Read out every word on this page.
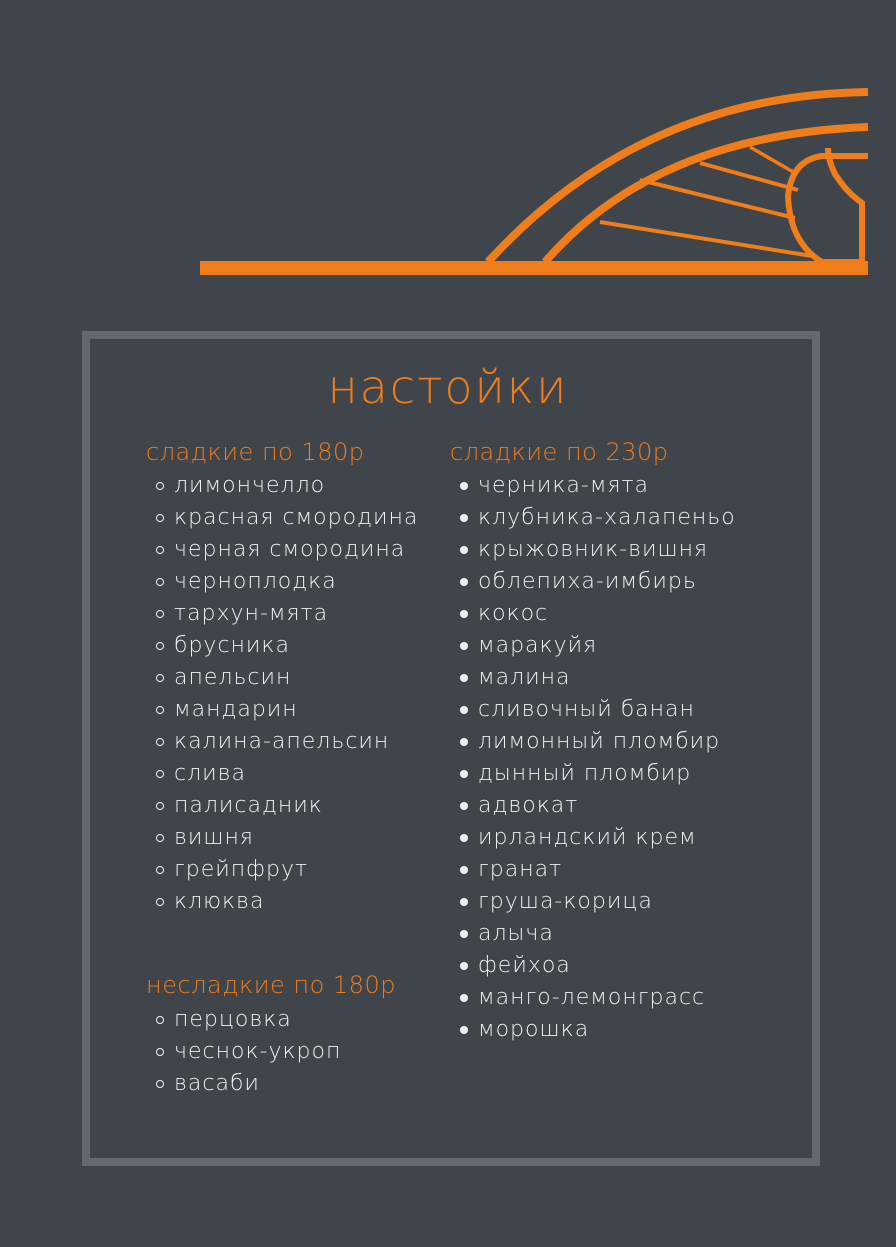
настойки
сладкие по 180р
лимончелло
красная смородина
черная смородина
черноплодка
тархун-мята
брусника
апельсин
мандарин
калина-апельсин
слива
палисадник
вишня
грейпфрут
клюква
несладкие по 180р
перцовка
чеснок-укроп
васаби
сладкие по 230р
черника-мята
клубника-халапеньо
крыжовник-вишня
облепиха-имбирь
кокос
маракуйя
малина
сливочный банан
лимонный пломбир
дынный пломбир
адвокат
ирландский крем
гранат
груша-корица
алыча
фейхоа
манго-лемонграсс
морошка
